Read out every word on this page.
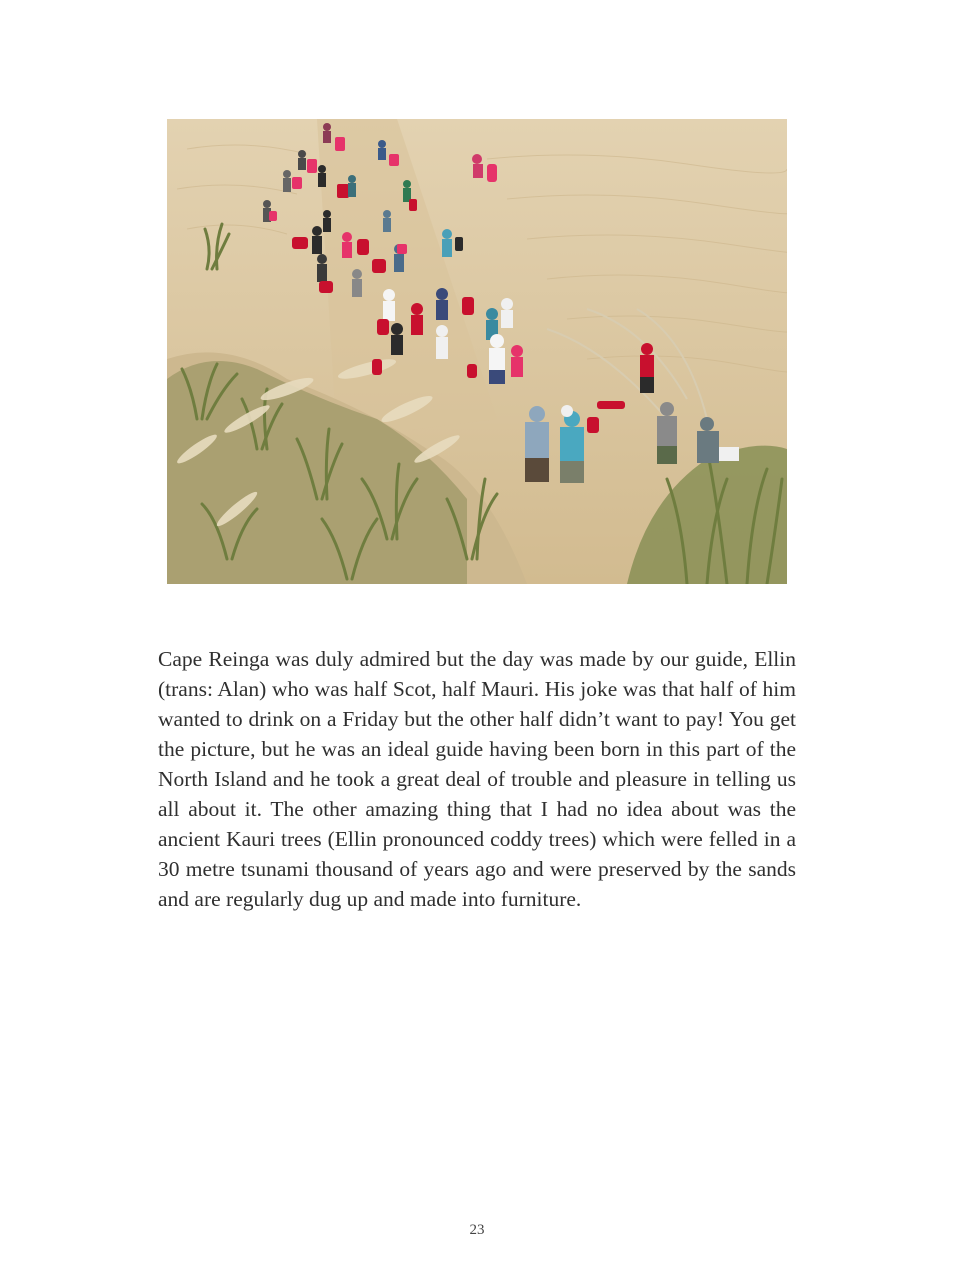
Cape Reinga was duly admired but the day was made by our guide, Ellin (trans: Alan) who was half Scot, half Mauri. His joke was that half of him wanted to drink on a Friday but the other half didn’t want to pay! You get the picture, but he was an ideal guide having been born in this part of the North Island and he took a great deal of trouble and pleasure in telling us all about it. The other amazing thing that I had no idea about was the ancient Kauri trees (Ellin pronounced coddy trees) which were felled in a 30 metre tsunami thousand of years ago and were preserved by the sands and are regularly dug up and made into furniture.

23
